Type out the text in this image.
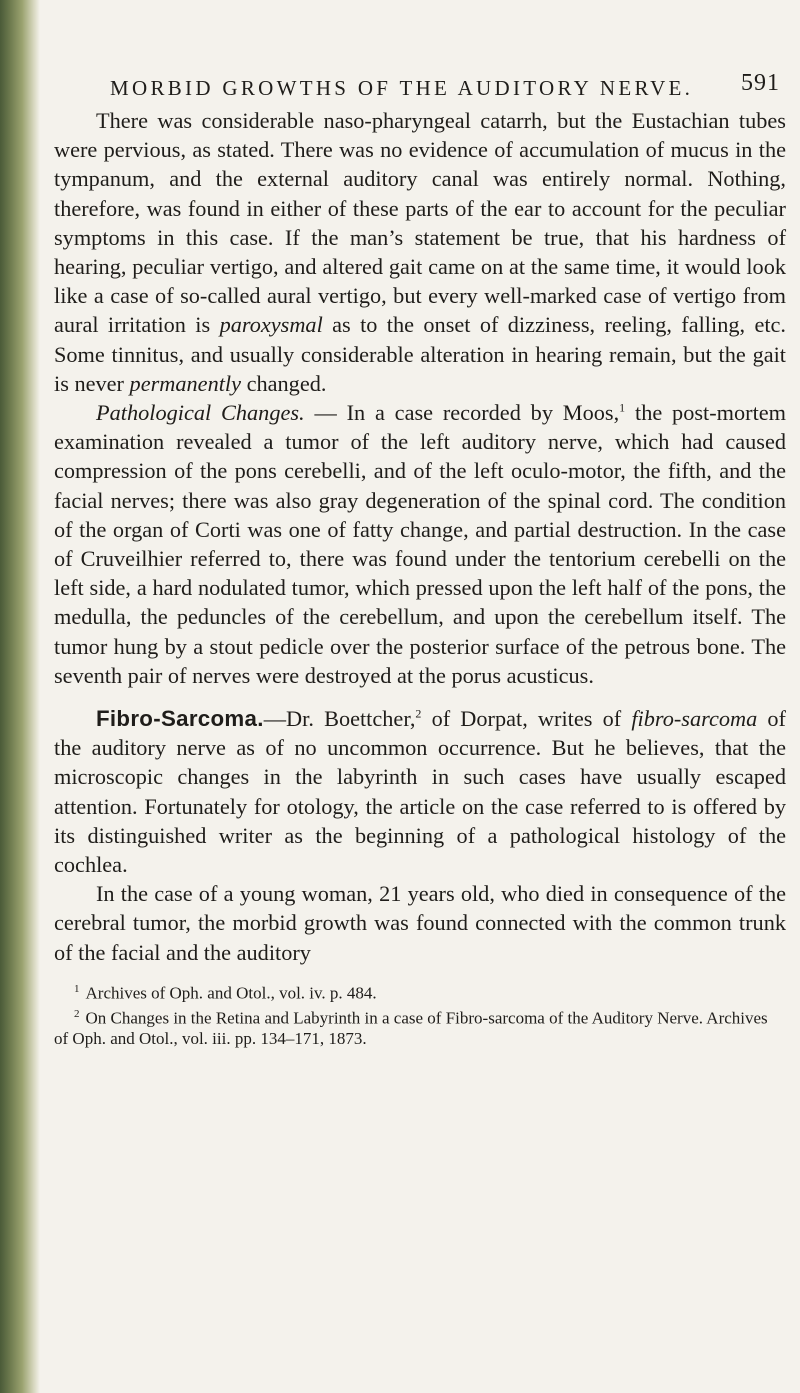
MORBID GROWTHS OF THE AUDITORY NERVE. 591

There was considerable naso-pharyngeal catarrh, but the Eustachian tubes were pervious, as stated. There was no evidence of accumulation of mucus in the tympanum, and the external auditory canal was entirely normal. Nothing, therefore, was found in either of these parts of the ear to account for the peculiar symptoms in this case. If the man’s statement be true, that his hardness of hearing, peculiar vertigo, and altered gait came on at the same time, it would look like a case of so-called aural vertigo, but every well-marked case of vertigo from aural irritation is paroxysmal as to the onset of dizziness, reeling, falling, etc. Some tinnitus, and usually considerable alteration in hearing remain, but the gait is never permanently changed.

Pathological Changes. — In a case recorded by Moos,$^1$ the post-mortem examination revealed a tumor of the left auditory nerve, which had caused compression of the pons cerebelli, and of the left oculo-motor, the fifth, and the facial nerves; there was also gray degeneration of the spinal cord. The condition of the organ of Corti was one of fatty change, and partial destruction. In the case of Cruveilhier referred to, there was found under the tentorium cerebelli on the left side, a hard nodulated tumor, which pressed upon the left half of the pons, the medulla, the peduncles of the cerebellum, and upon the cerebellum itself. The tumor hung by a stout pedicle over the posterior surface of the petrous bone. The seventh pair of nerves were destroyed at the porus acusticus.

Fibro-Sarcoma.—Dr. Boettcher,$^2$ of Dorpat, writes of fibro-sarcoma of the auditory nerve as of no uncommon occurrence. But he believes, that the microscopic changes in the labyrinth in such cases have usually escaped attention. Fortunately for otology, the article on the case referred to is offered by its distinguished writer as the beginning of a pathological histology of the cochlea.

In the case of a young woman, 21 years old, who died in consequence of the cerebral tumor, the morbid growth was found connected with the common trunk of the facial and the auditory

$^1$ Archives of Oph. and Otol., vol. iv. p. 484.

$^2$ On Changes in the Retina and Labyrinth in a case of Fibro-sarcoma of the Auditory Nerve. Archives of Oph. and Otol., vol. iii. pp. 134–171, 1873.
